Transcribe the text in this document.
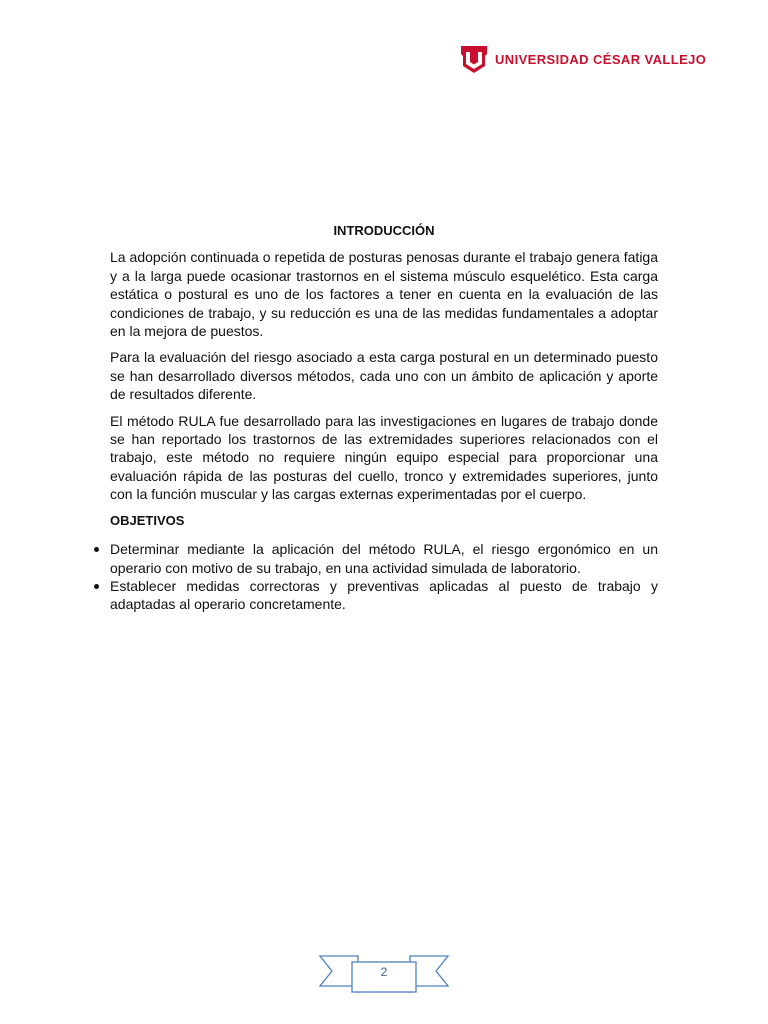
UNIVERSIDAD CÉSAR VALLEJO
INTRODUCCIÓN

La adopción continuada o repetida de posturas penosas durante el trabajo genera fatiga y a la larga puede ocasionar trastornos en el sistema músculo esquelético. Esta carga estática o postural es uno de los factores a tener en cuenta en la evaluación de las condiciones de trabajo, y su reducción es una de las medidas fundamentales a adoptar en la mejora de puestos.

Para la evaluación del riesgo asociado a esta carga postural en un determinado puesto se han desarrollado diversos métodos, cada uno con un ámbito de aplicación y aporte de resultados diferente.

El método RULA fue desarrollado para las investigaciones en lugares de trabajo donde se han reportado los trastornos de las extremidades superiores relacionados con el trabajo, este método no requiere ningún equipo especial para proporcionar una evaluación rápida de las posturas del cuello, tronco y extremidades superiores, junto con la función muscular y las cargas externas experimentadas por el cuerpo.

OBJETIVOS
Determinar mediante la aplicación del método RULA, el riesgo ergonómico en un operario con motivo de su trabajo, en una actividad simulada de laboratorio.
Establecer medidas correctoras y preventivas aplicadas al puesto de trabajo y adaptadas al operario concretamente.
2
